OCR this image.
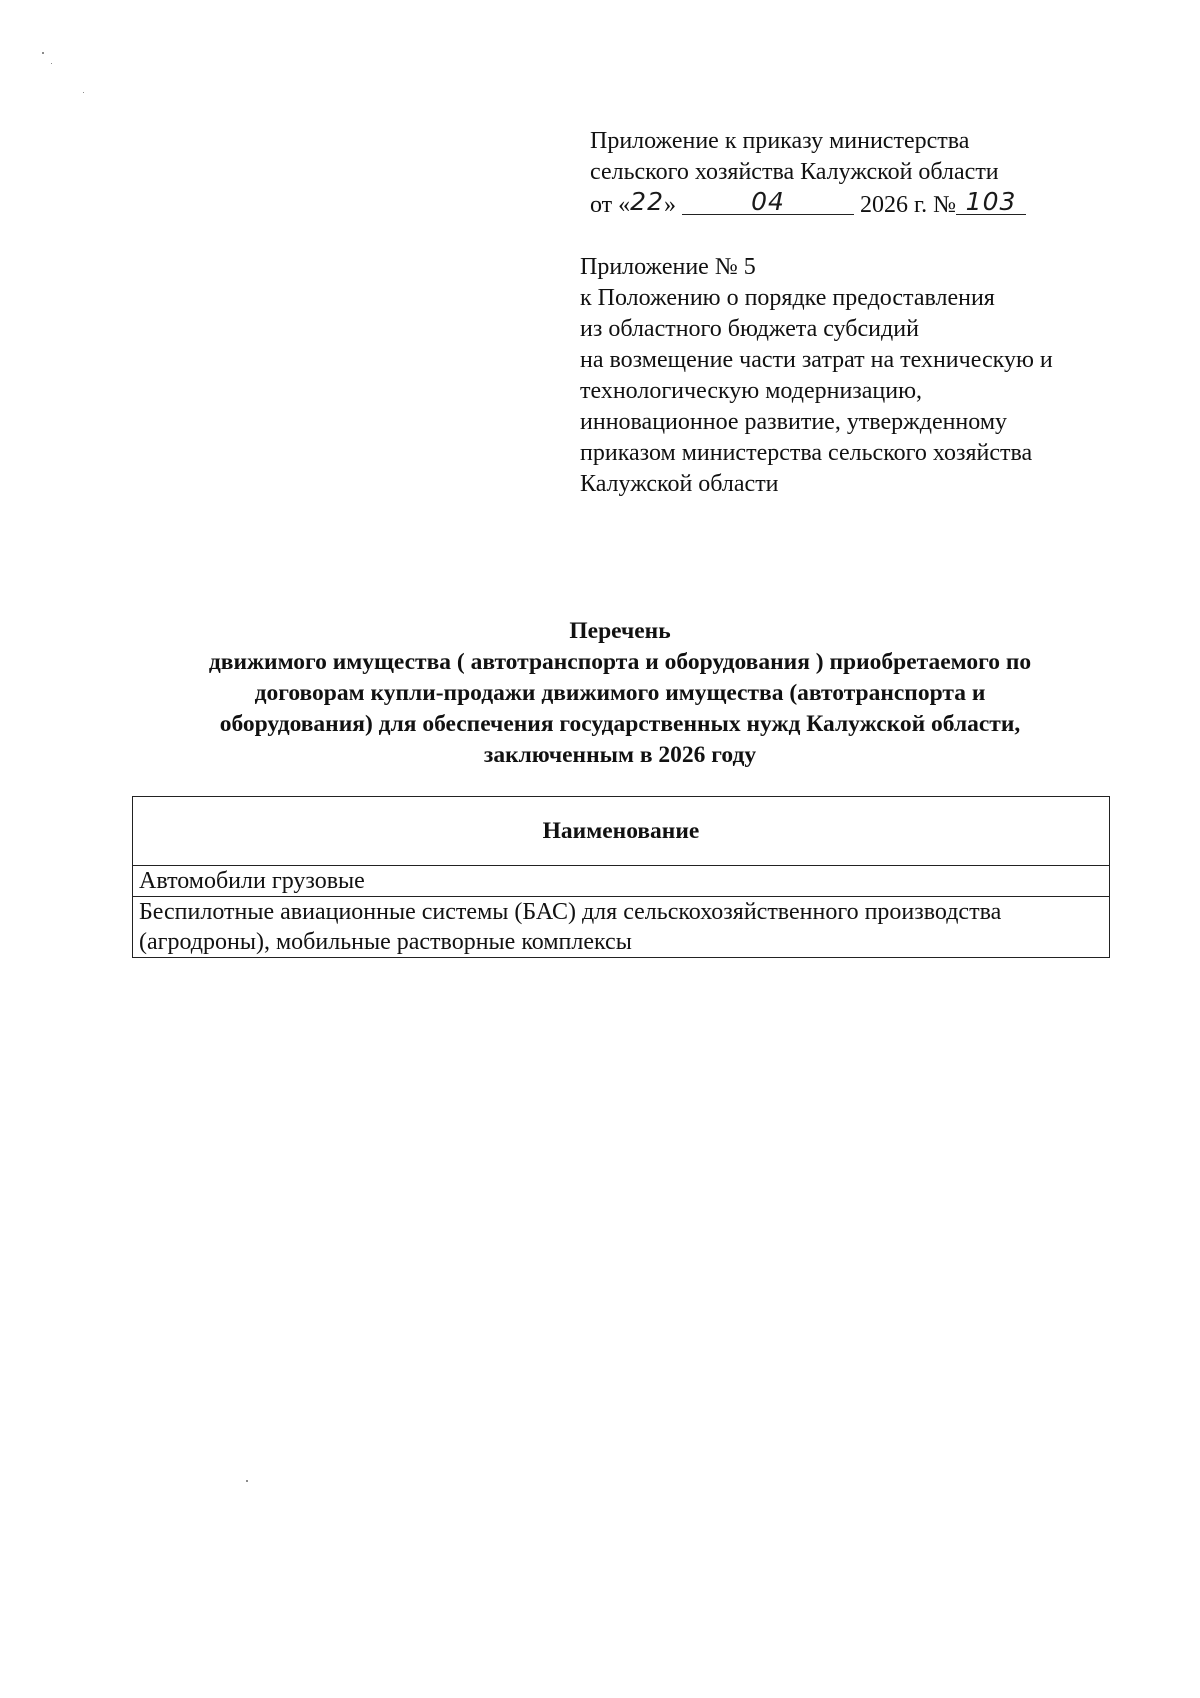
Приложение к приказу министерства
сельского хозяйства Калужской области
от «22»	04	2026 г. № 103
Приложение № 5
к Положению о порядке предоставления
из областного бюджета субсидий
на возмещение части затрат на техническую и
технологическую модернизацию,
инновационное развитие, утвержденному
приказом министерства сельского хозяйства
Калужской области
Перечень
движимого имущества ( автотранспорта и оборудования ) приобретаемого по
договорам купли-продажи движимого имущества (автотранспорта и
оборудования) для обеспечения государственных нужд Калужской области,
заключенным в 2026 году
Наименование
Автомобили грузовые
Беспилотные авиационные системы (БАС) для сельскохозяйственного производства (агродроны), мобильные растворные комплексы
